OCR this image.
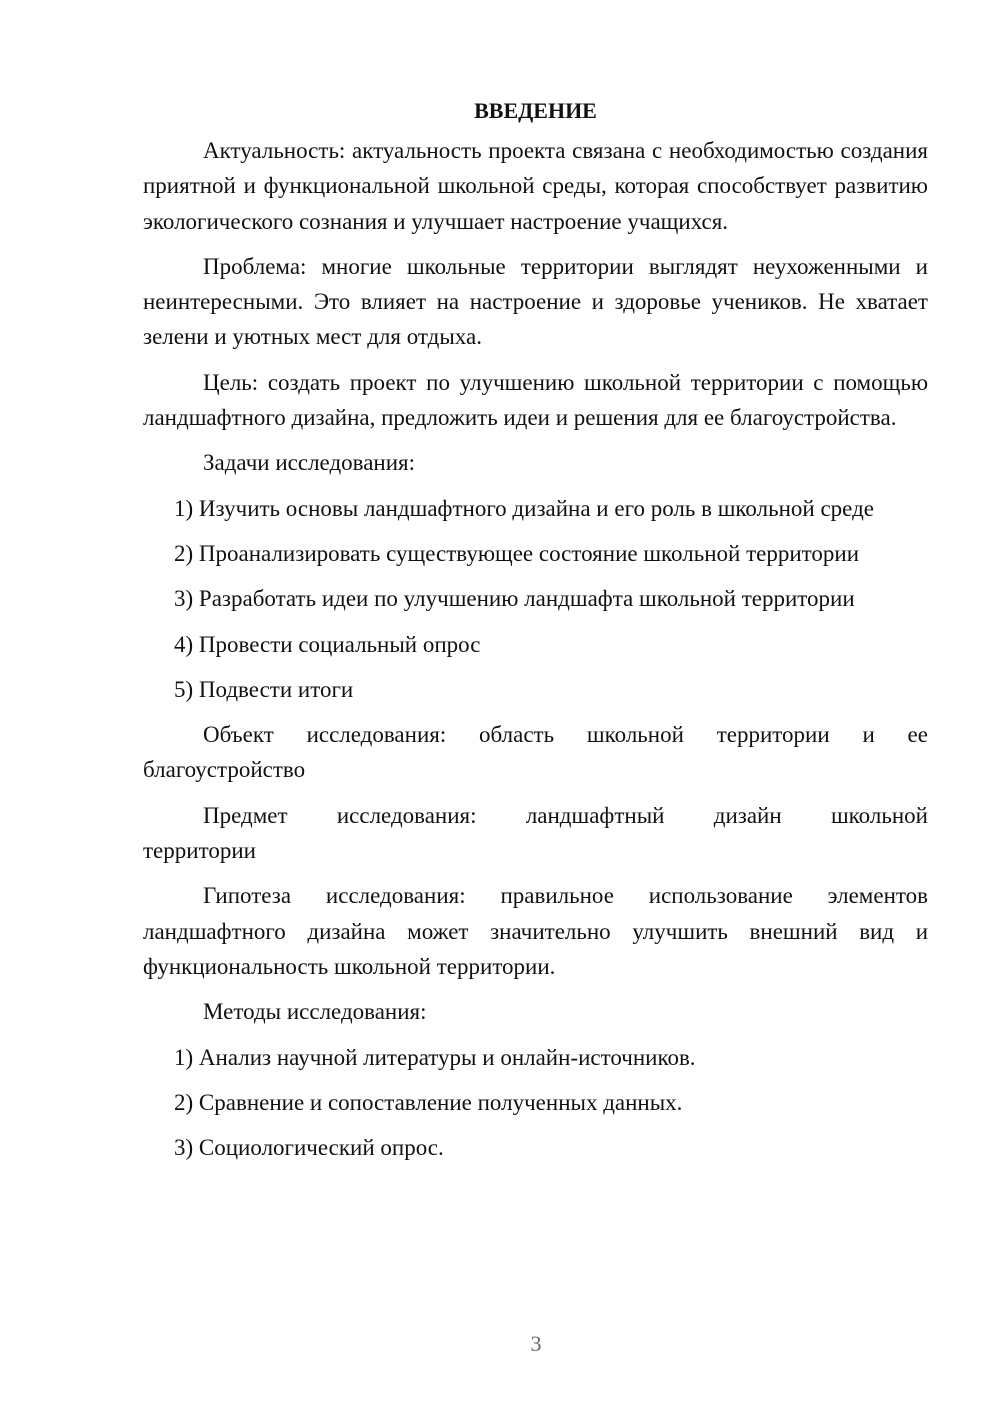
ВВЕДЕНИЕ

Актуальность: актуальность проекта связана с необходимостью создания приятной и функциональной школьной среды, которая способствует развитию экологического сознания и улучшает настроение учащихся.

Проблема: многие школьные территории выглядят неухоженными и неинтересными. Это влияет на настроение и здоровье учеников. Не хватает зелени и уютных мест для отдыха.

Цель: создать проект по улучшению школьной территории с помощью ландшафтного дизайна, предложить идеи и решения для ее благоустройства.

Задачи исследования:

1) Изучить основы ландшафтного дизайна и его роль в школьной среде

2) Проанализировать существующее состояние школьной территории
3) Разработать идеи по улучшению ландшафта школьной территории
4) Провести социальный опрос
5) Подвести итоги
Объект исследования: область школьной территории и ее
благоустройство
Предмет исследования: ландшафтный дизайн школьной
территории

Гипотеза исследования: правильное использование элементов ландшафтного дизайна может значительно улучшить внешний вид и функциональность школьной территории.

Методы исследования:

1) Анализ научной литературы и онлайн-источников.
2) Сравнение и сопоставление полученных данных.
3) Социологический опрос.
3
